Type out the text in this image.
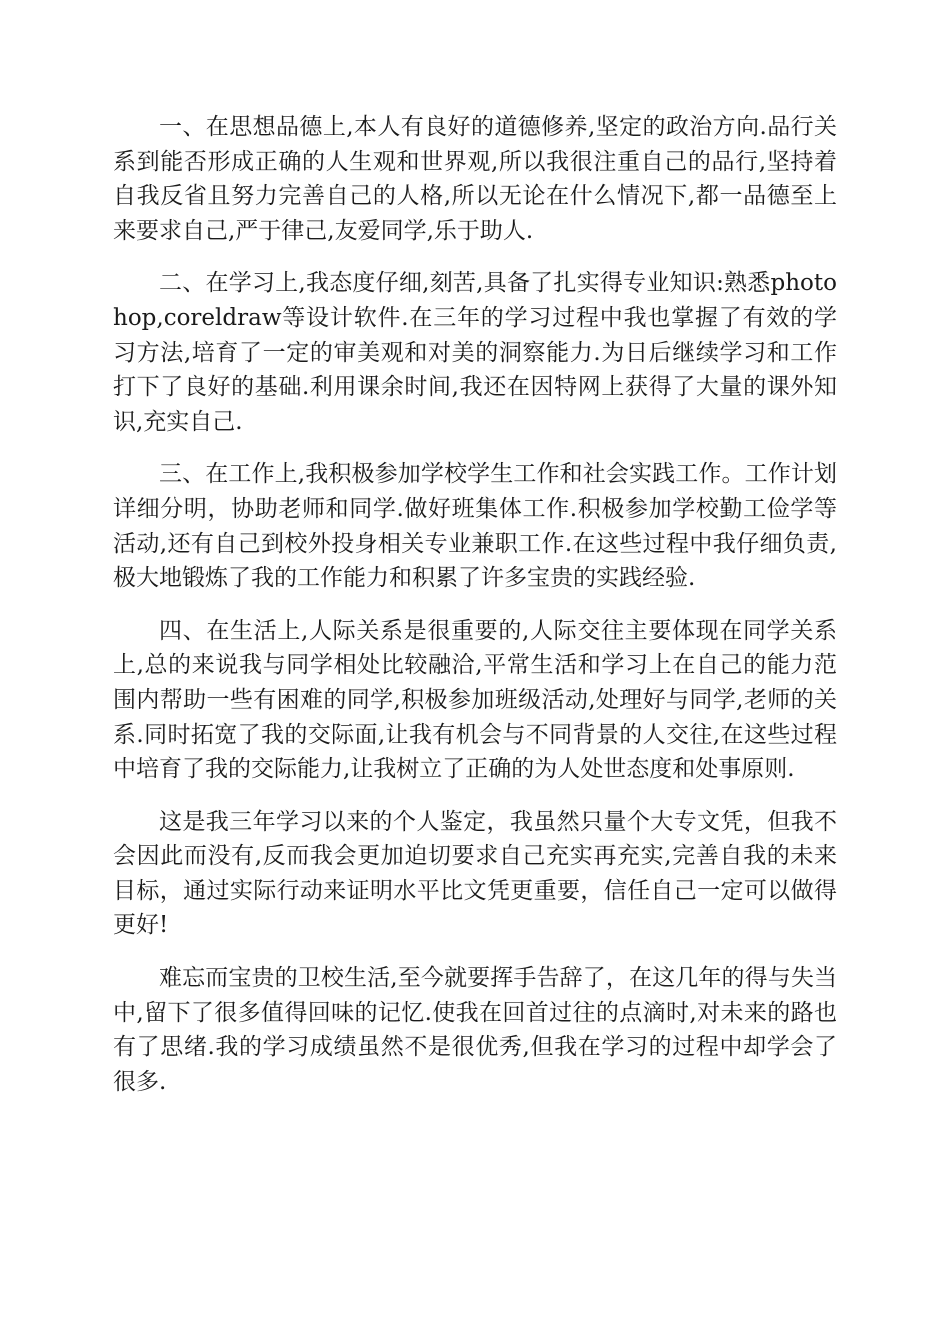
一、在思想品德上,本人有良好的道德修养,坚定的政治方向.品行关系到能否形成正确的人生观和世界观,所以我很注重自己的品行,坚持着自我反省且努力完善自己的人格,所以无论在什么情况下,都一品德至上来要求自己,严于律己,友爱同学,乐于助人.

二、在学习上,我态度仔细,刻苦,具备了扎实得专业知识:熟悉photohop,coreldraw等设计软件.在三年的学习过程中我也掌握了有效的学习方法,培育了一定的审美观和对美的洞察能力.为日后继续学习和工作打下了良好的基础.利用课余时间,我还在因特网上获得了大量的课外知识,充实自己.

三、在工作上,我积极参加学校学生工作和社会实践工作。工作计划详细分明，协助老师和同学.做好班集体工作.积极参加学校勤工俭学等活动,还有自己到校外投身相关专业兼职工作.在这些过程中我仔细负责,极大地锻炼了我的工作能力和积累了许多宝贵的实践经验.

四、在生活上,人际关系是很重要的,人际交往主要体现在同学关系上,总的来说我与同学相处比较融洽,平常生活和学习上在自己的能力范围内帮助一些有困难的同学,积极参加班级活动,处理好与同学,老师的关系.同时拓宽了我的交际面,让我有机会与不同背景的人交往,在这些过程中培育了我的交际能力,让我树立了正确的为人处世态度和处事原则.

这是我三年学习以来的个人鉴定，我虽然只量个大专文凭，但我不会因此而没有,反而我会更加迫切要求自己充实再充实,完善自我的未来目标，通过实际行动来证明水平比文凭更重要，信任自己一定可以做得更好!

难忘而宝贵的卫校生活,至今就要挥手告辞了，在这几年的得与失当中,留下了很多值得回味的记忆.使我在回首过往的点滴时,对未来的路也有了思绪.我的学习成绩虽然不是很优秀,但我在学习的过程中却学会了很多.
